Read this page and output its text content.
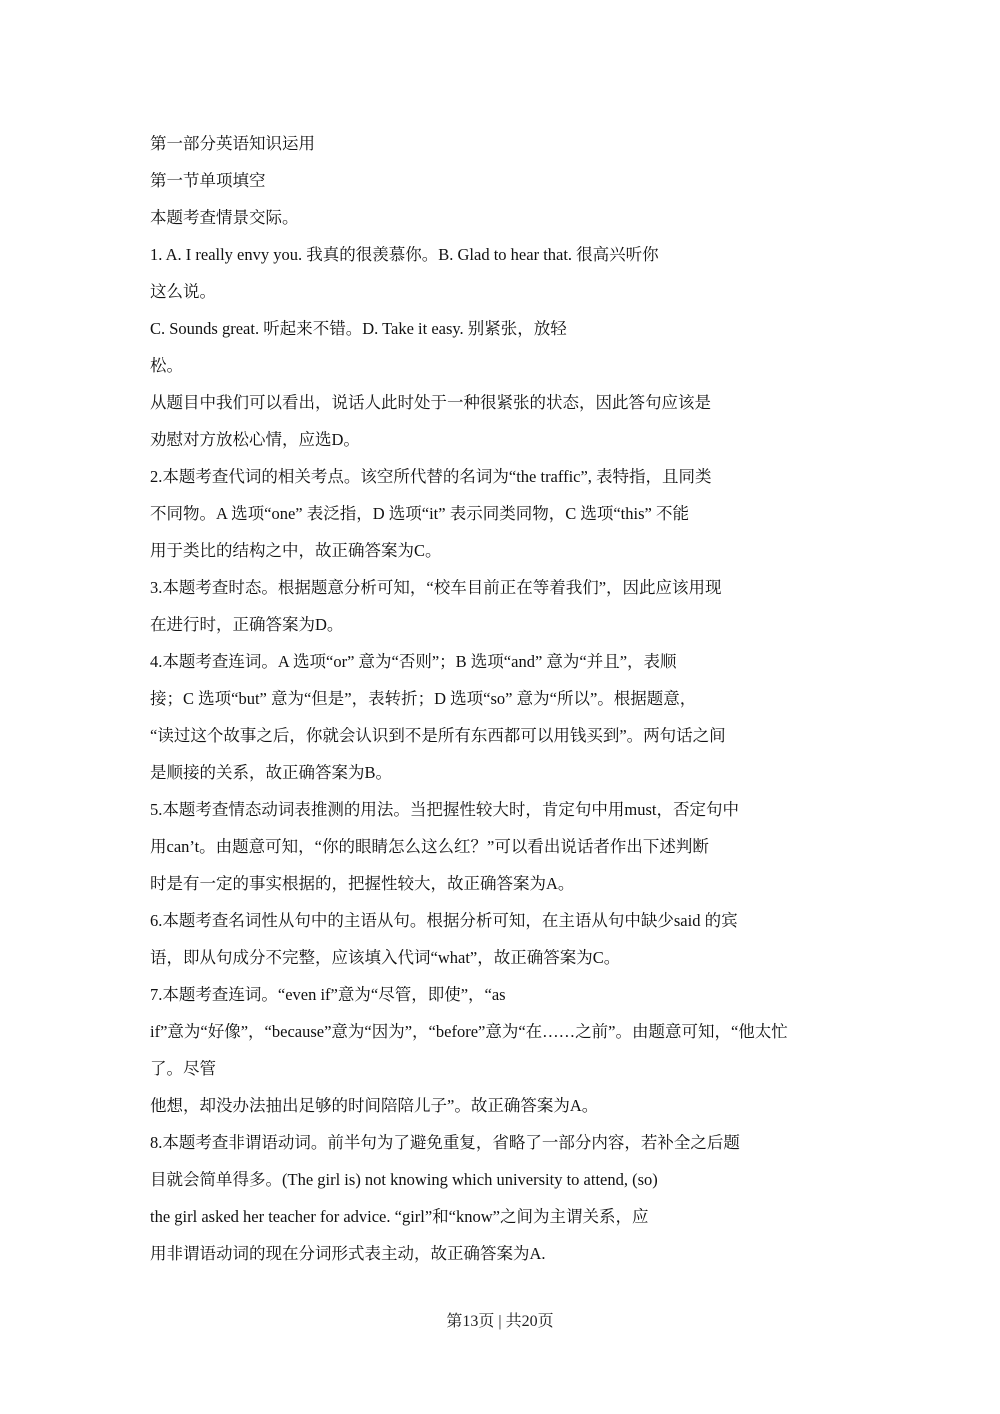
第一部分英语知识运用
第一节单项填空
本题考查情景交际。
1. A. I really envy you. 我真的很羡慕你。B. Glad to hear that. 很高兴听你
这么说。
C. Sounds great. 听起来不错。D. Take it easy. 别紧张，放轻
松。
从题目中我们可以看出，说话人此时处于一种很紧张的状态，因此答句应该是
劝慰对方放松心情，应选D。
2.本题考查代词的相关考点。该空所代替的名词为“the traffic”, 表特指，且同类
不同物。A 选项“one” 表泛指，D 选项“it” 表示同类同物，C 选项“this” 不能
用于类比的结构之中，故正确答案为C。
3.本题考查时态。根据题意分析可知，“校车目前正在等着我们”，因此应该用现
在进行时，正确答案为D。
4.本题考查连词。A 选项“or” 意为“否则”；B 选项“and” 意为“并且”，表顺
接；C 选项“but” 意为“但是”，表转折；D 选项“so” 意为“所以”。根据题意，
“读过这个故事之后，你就会认识到不是所有东西都可以用钱买到”。两句话之间
是顺接的关系，故正确答案为B。
5.本题考查情态动词表推测的用法。当把握性较大时，肯定句中用must，否定句中
用can’t。由题意可知，“你的眼睛怎么这么红？”可以看出说话者作出下述判断
时是有一定的事实根据的，把握性较大，故正确答案为A。
6.本题考查名词性从句中的主语从句。根据分析可知，在主语从句中缺少said 的宾
语，即从句成分不完整，应该填入代词“what”，故正确答案为C。
7.本题考查连词。“even if”意为“尽管，即使”，“as
if”意为“好像”，“because”意为“因为”，“before”意为“在……之前”。由题意可知，“他太忙
了。尽管
他想，却没办法抽出足够的时间陪陪儿子”。故正确答案为A。
8.本题考查非谓语动词。前半句为了避免重复，省略了一部分内容，若补全之后题
目就会简单得多。(The girl is) not knowing which university to attend, (so)
the girl asked her teacher for advice. “girl”和“know”之间为主谓关系，应
用非谓语动词的现在分词形式表主动，故正确答案为A.
第13页 | 共20页
